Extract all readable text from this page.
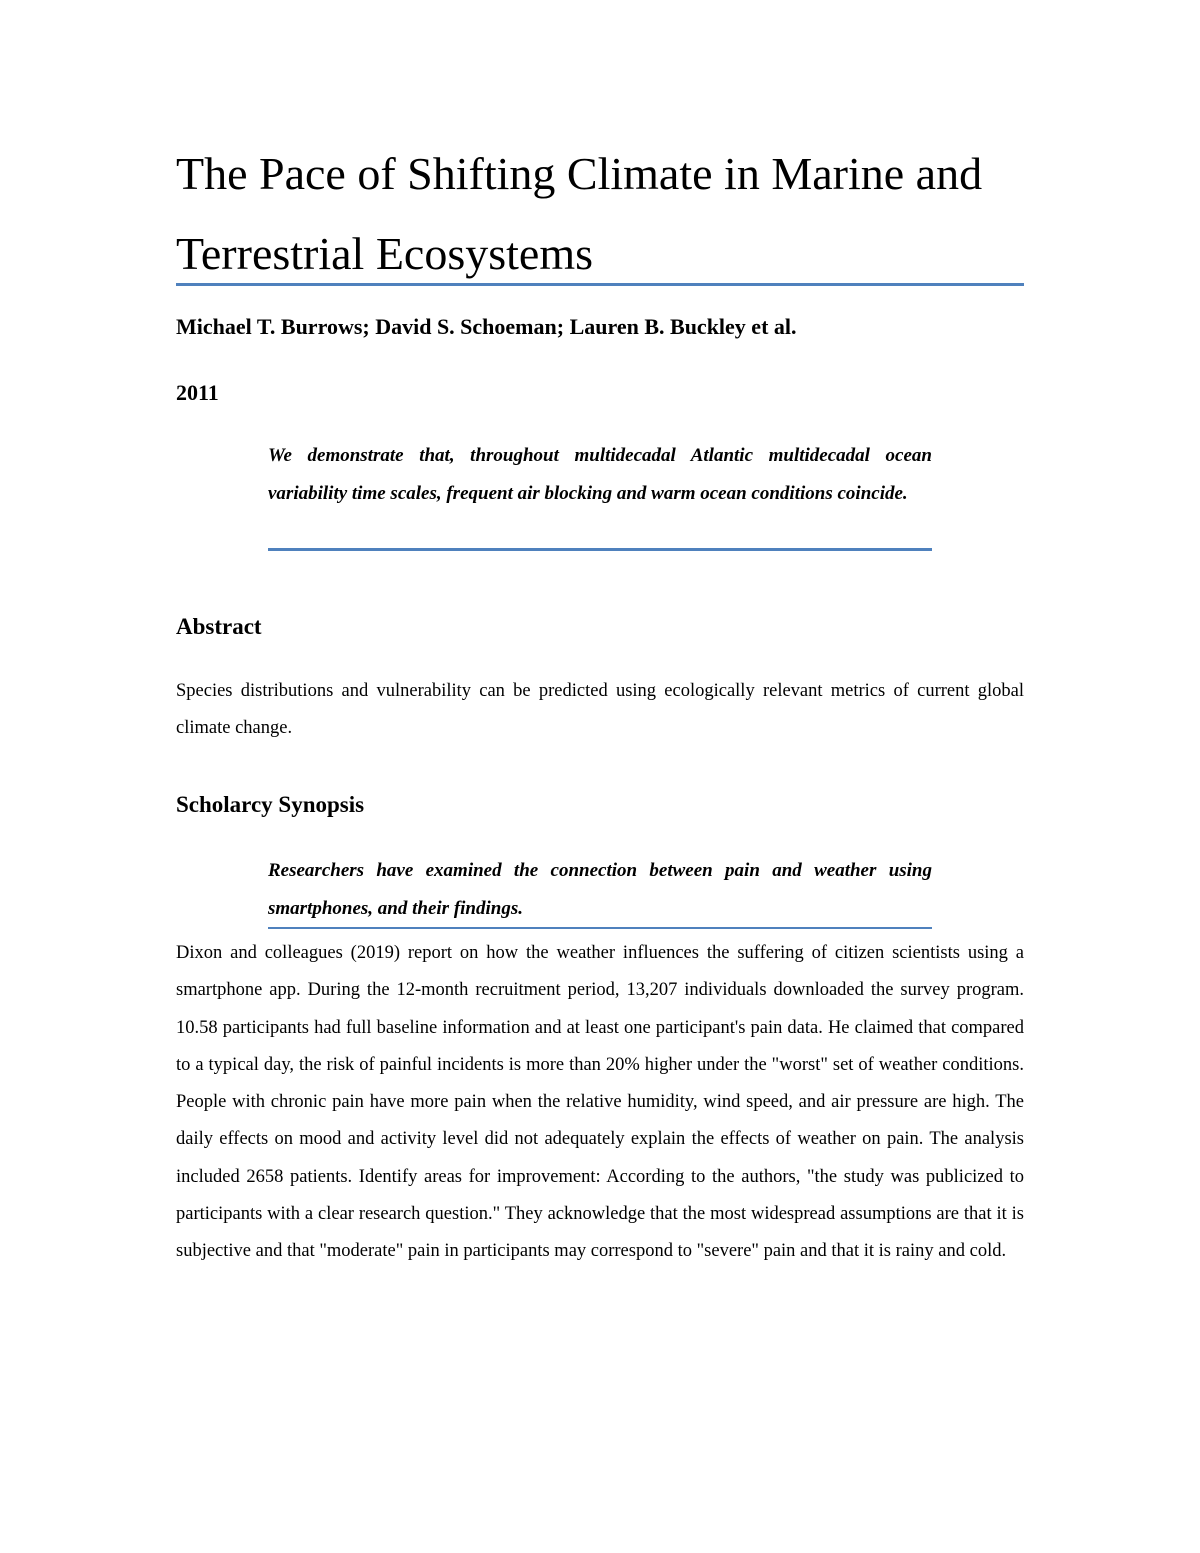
The Pace of Shifting Climate in Marine and Terrestrial Ecosystems

Michael T. Burrows; David S. Schoeman; Lauren B. Buckley et al.

2011

We demonstrate that, throughout multidecadal Atlantic multidecadal ocean variability time scales, frequent air blocking and warm ocean conditions coincide.

Abstract

Species distributions and vulnerability can be predicted using ecologically relevant metrics of current global climate change.

Scholarcy Synopsis

Researchers have examined the connection between pain and weather using smartphones, and their findings.

Dixon and colleagues (2019) report on how the weather influences the suffering of citizen scientists using a smartphone app. During the 12-month recruitment period, 13,207 individuals downloaded the survey program. 10.58 participants had full baseline information and at least one participant's pain data. He claimed that compared to a typical day, the risk of painful incidents is more than 20% higher under the "worst" set of weather conditions. People with chronic pain have more pain when the relative humidity, wind speed, and air pressure are high. The daily effects on mood and activity level did not adequately explain the effects of weather on pain. The analysis included 2658 patients. Identify areas for improvement: According to the authors, "the study was publicized to participants with a clear research question." They acknowledge that the most widespread assumptions are that it is subjective and that "moderate" pain in participants may correspond to "severe" pain and that it is rainy and cold.
